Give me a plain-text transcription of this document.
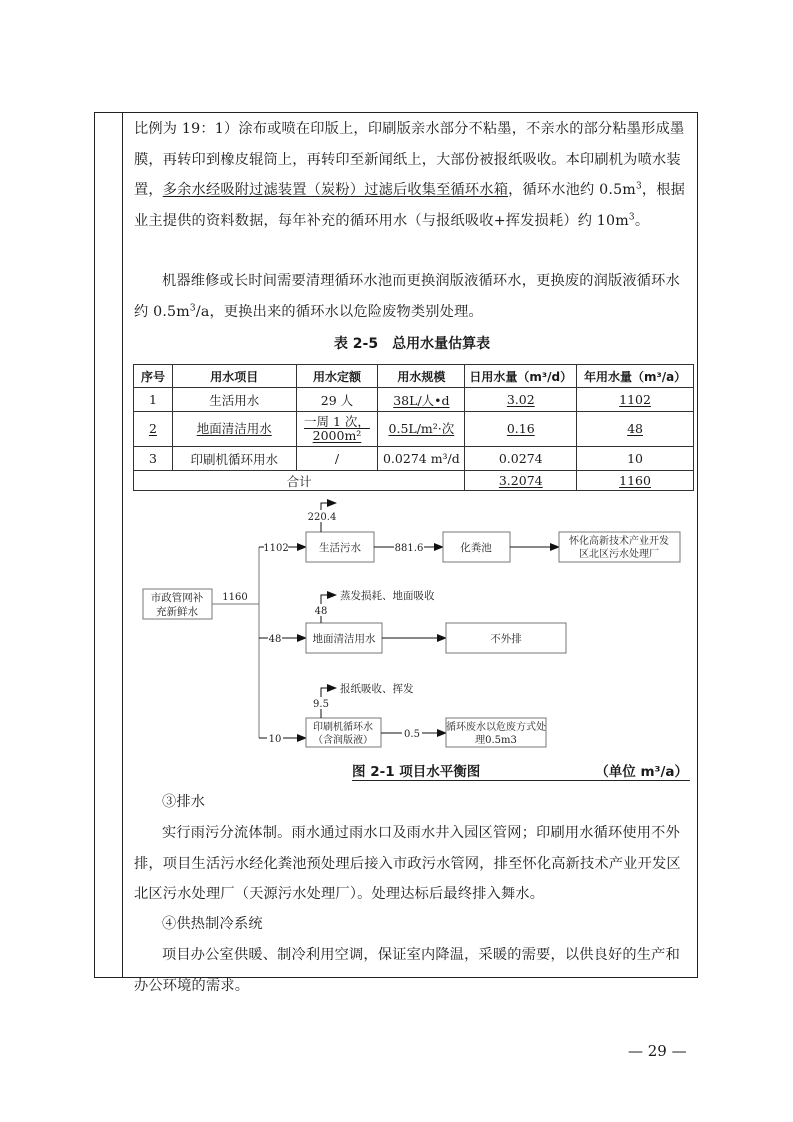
比例为 19：1）涂布或喷在印版上，印刷版亲水部分不粘墨，不亲水的部分粘墨形成墨膜，再转印到橡皮辊筒上，再转印至新闻纸上，大部份被报纸吸收。本印刷机为喷水装置，多余水经吸附过滤装置（炭粉）过滤后收集至循环水箱，循环水池约 $0.5m^3$，根据业主提供的资料数据，每年补充的循环用水（与报纸吸收+挥发损耗）约 $10m^3$。

机器维修或长时间需要清理循环水池而更换润版液循环水，更换废的润版液循环水约 $0.5m^3/a$，更换出来的循环水以危险废物类别处理。

表 2-5　总用水量估算表
序号	用水项目	用水定额	用水规模	日用水量（m³/d）	年用水量（m³/a）
1	生活用水	29 人	38L/人•d	3.02	1102
2	地面清洁用水	一周 1 次，
2000m²	0.5L/m²·次	0.16	48
3	印刷机循环用水	/	0.0274 m³/d	0.0274	10
合计				3.2074	1160
市政管网补
充新鲜水
1160
1102	生活污水
220.4
881.6	化粪池
怀化高新技术产业开发
区北区污水处理厂
48	地面清洁用水
48
蒸发损耗、地面吸收
不外排
10
印刷机循环水
（含润版液）
9.5
报纸吸收、挥发
0.5
循环废水以危废方式处
理0.5m3
图 2-1 项目水平衡图	（单位 m³/a）

③排水

实行雨污分流体制。雨水通过雨水口及雨水井入园区管网；印刷用水循环使用不外排，项目生活污水经化粪池预处理后接入市政污水管网，排至怀化高新技术产业开发区北区污水处理厂（天源污水处理厂）。处理达标后最终排入舞水。

④供热制冷系统

项目办公室供暖、制冷利用空调，保证室内降温，采暖的需要，以供良好的生产和办公环境的需求。

— 29 —
